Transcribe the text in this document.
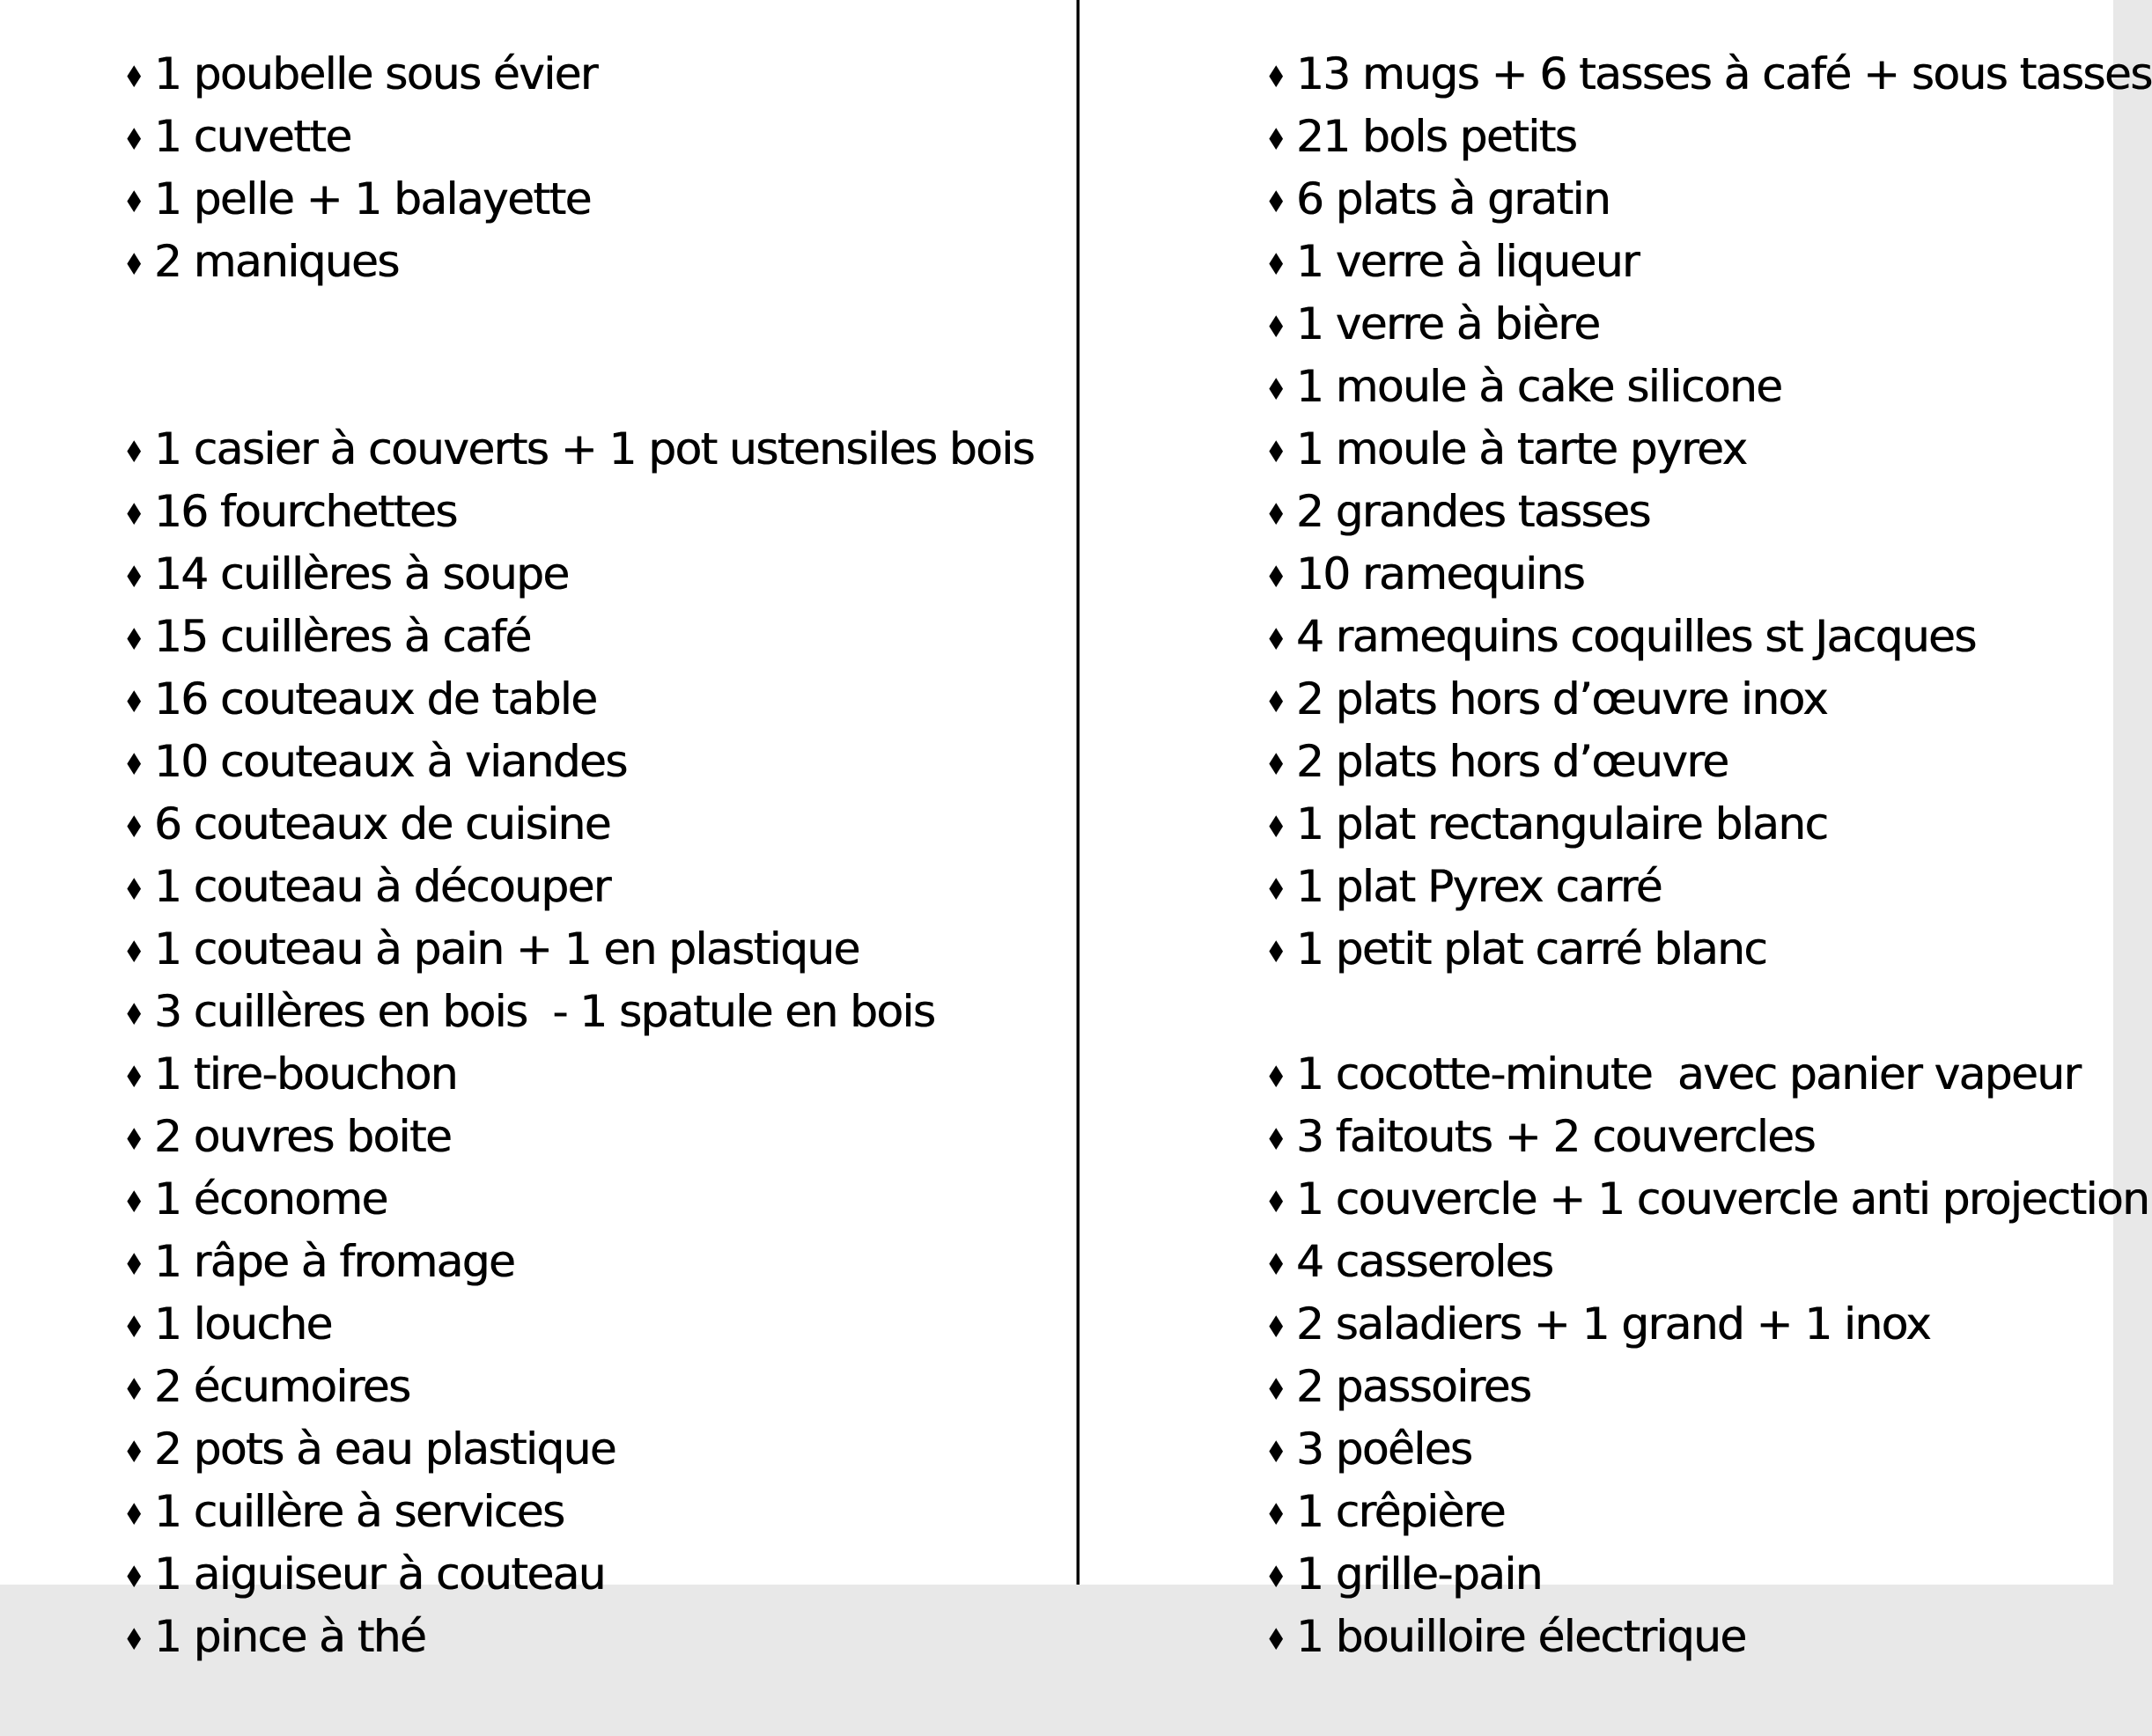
♦ 1 poubelle sous évier

♦ 1 cuvette

♦ 1 pelle + 1 balayette

♦ 2 maniques

♦ 1 casier à couverts + 1 pot ustensiles bois

♦ 16 fourchettes

♦ 14 cuillères à soupe

♦ 15 cuillères à café

♦ 16 couteaux de table

♦ 10 couteaux à viandes

♦ 6 couteaux de cuisine

♦ 1 couteau à découper

♦ 1 couteau à pain + 1 en plastique

♦ 3 cuillères en bois  - 1 spatule en bois

♦ 1 tire-bouchon

♦ 2 ouvres boite

♦ 1 économe

♦ 1 râpe à fromage

♦ 1 louche

♦ 2 écumoires

♦ 2 pots à eau plastique

♦ 1 cuillère à services

♦ 1 aiguiseur à couteau

♦ 1 pince à thé

♦ 13 mugs + 6 tasses à café + sous tasses

♦ 21 bols petits

♦ 6 plats à gratin

♦ 1 verre à liqueur

♦ 1 verre à bière

♦ 1 moule à cake silicone

♦ 1 moule à tarte pyrex

♦ 2 grandes tasses

♦ 10 ramequins

♦ 4 ramequins coquilles st Jacques

♦ 2 plats hors d’œuvre inox

♦ 2 plats hors d’œuvre

♦ 1 plat rectangulaire blanc

♦ 1 plat Pyrex carré

♦ 1 petit plat carré blanc

♦ 1 cocotte-minute  avec panier vapeur

♦ 3 faitouts + 2 couvercles

♦ 1 couvercle + 1 couvercle anti projection

♦ 4 casseroles

♦ 2 saladiers + 1 grand + 1 inox

♦ 2 passoires

♦ 3 poêles

♦ 1 crêpière

♦ 1 grille-pain

♦ 1 bouilloire électrique
